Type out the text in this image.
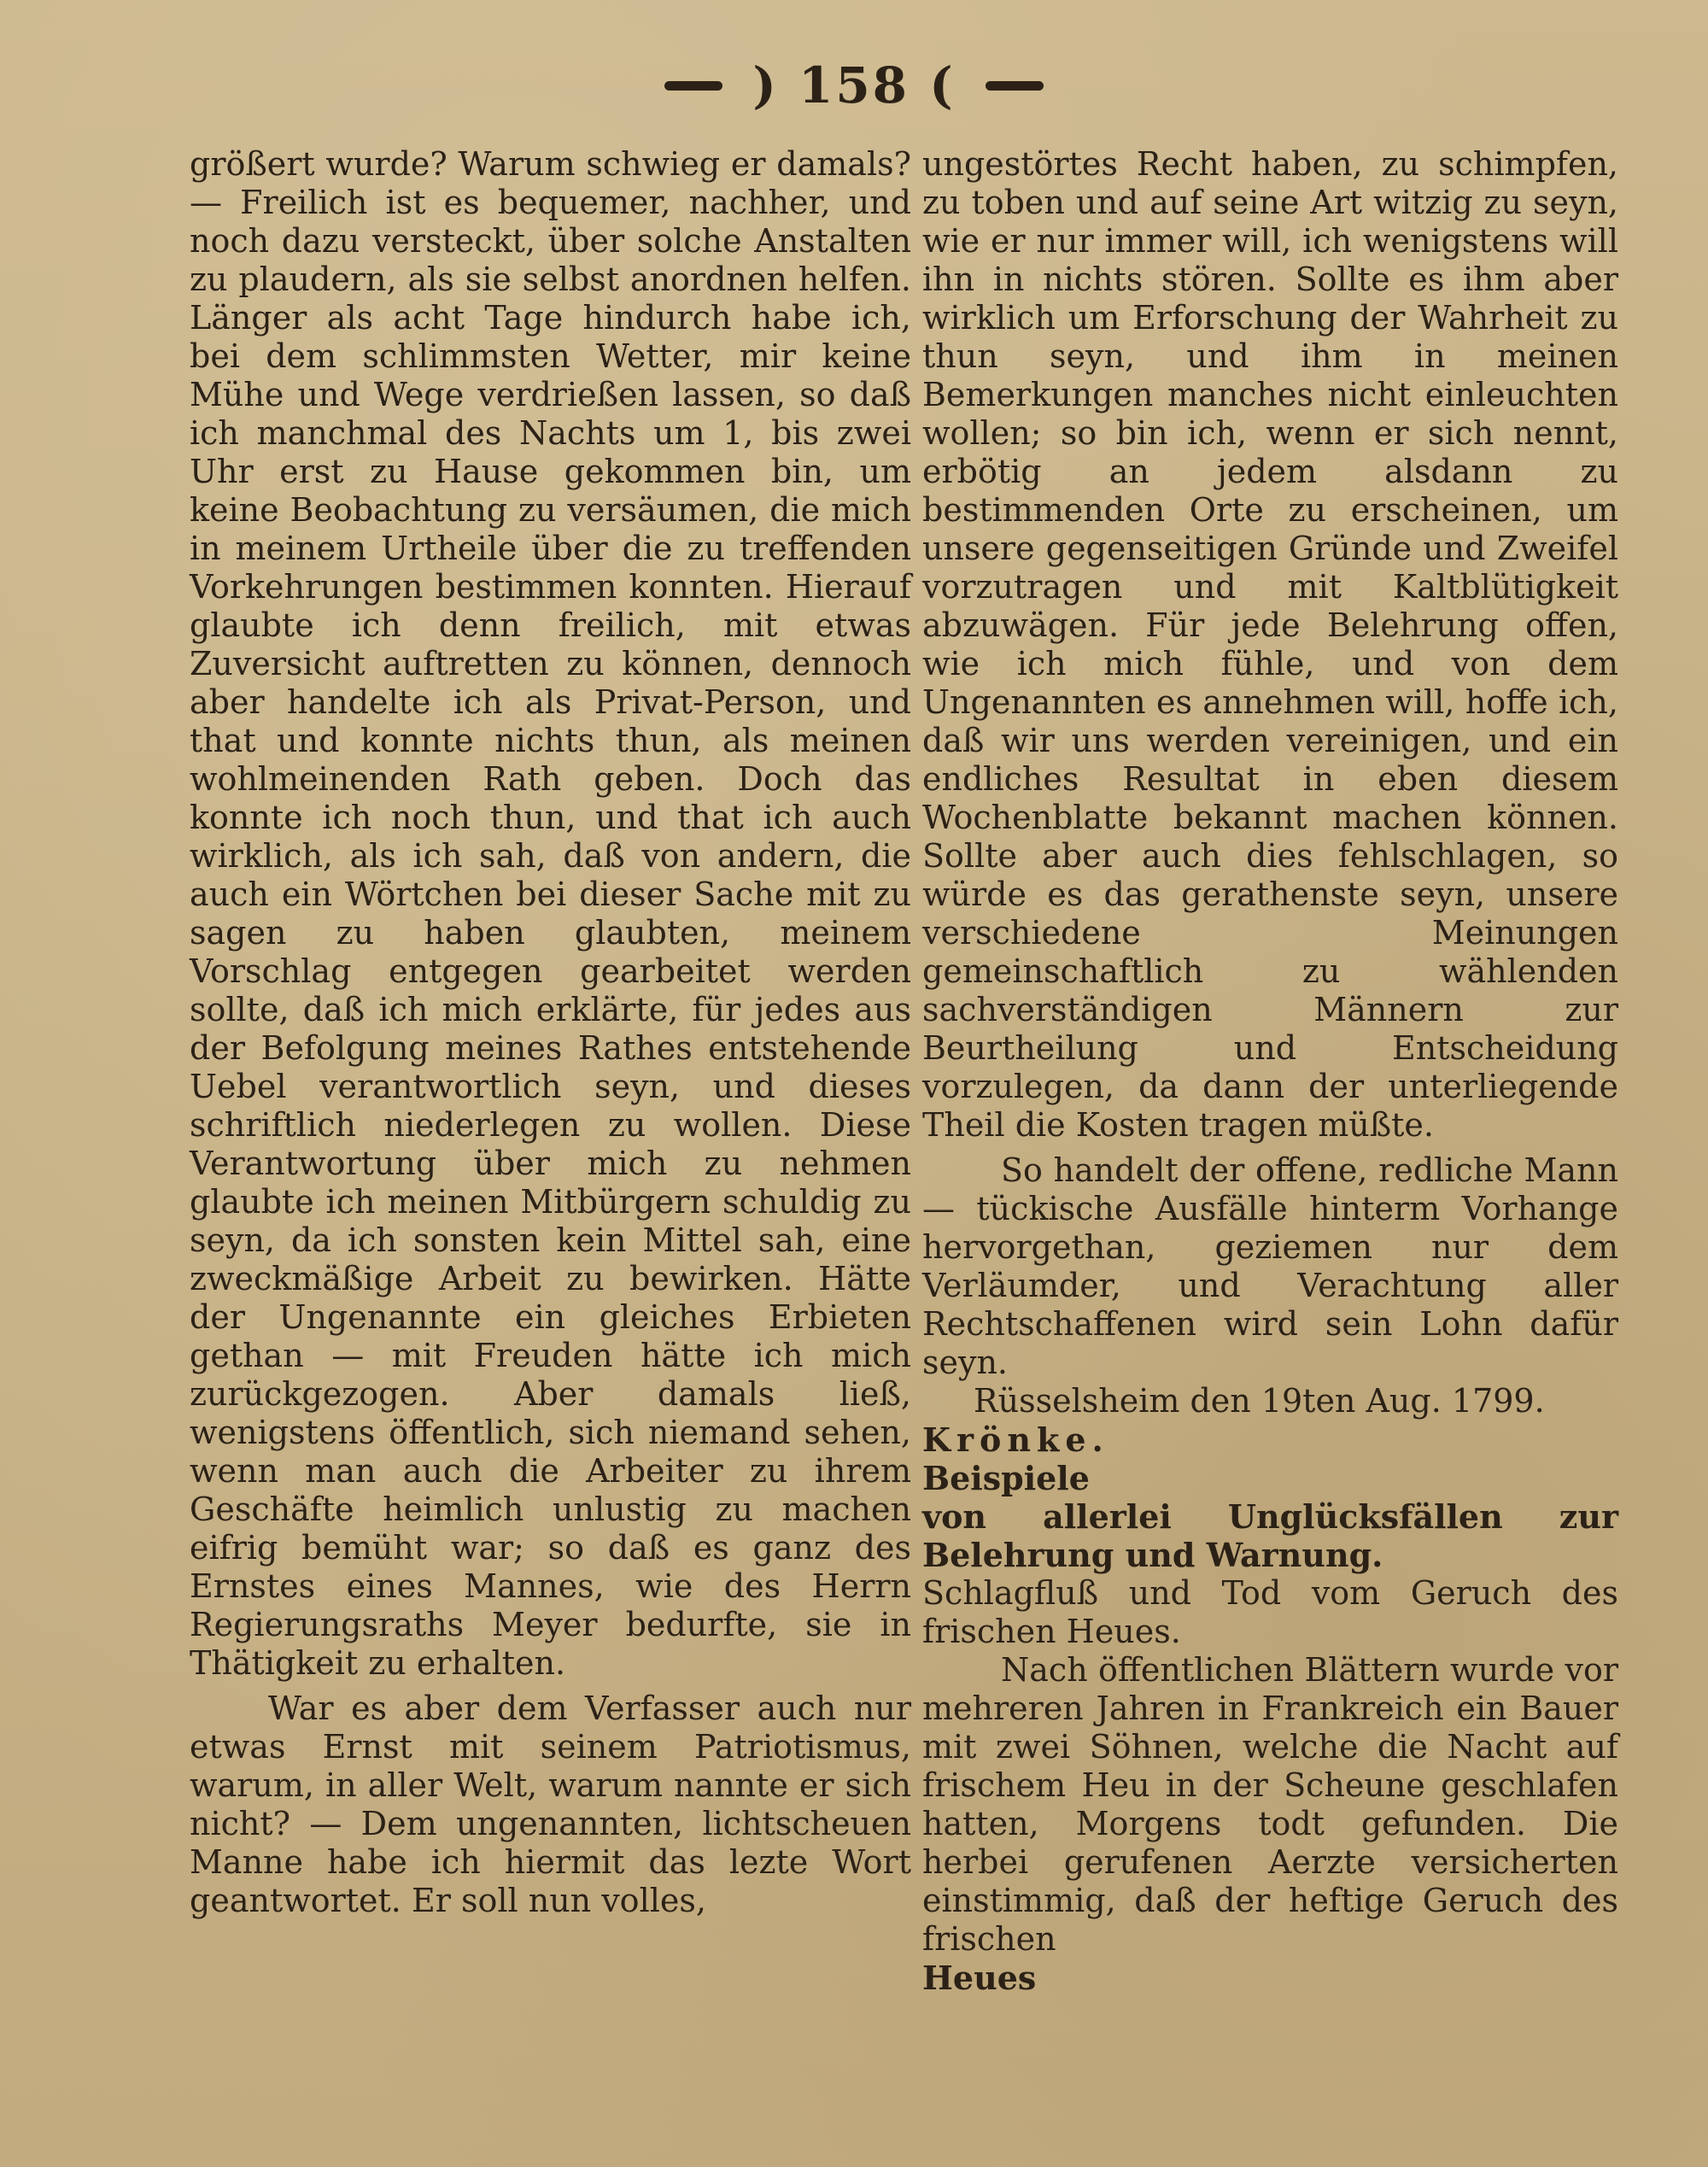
) 158 (

größert wurde? Warum schwieg er damals? — Freilich ist es bequemer, nachher, und noch dazu versteckt, über solche Anstalten zu plaudern, als sie selbst anordnen helfen. Länger als acht Tage hindurch habe ich, bei dem schlimmsten Wetter, mir keine Mühe und Wege verdrießen lassen, so daß ich manchmal des Nachts um 1, bis zwei Uhr erst zu Hause gekommen bin, um keine Beobachtung zu versäumen, die mich in meinem Urtheile über die zu treffenden Vorkehrungen bestimmen konnten. Hierauf glaubte ich denn freilich, mit etwas Zuversicht auftretten zu können, dennoch aber handelte ich als Privat-Person, und that und konnte nichts thun, als meinen wohlmeinenden Rath geben. Doch das konnte ich noch thun, und that ich auch wirklich, als ich sah, daß von andern, die auch ein Wörtchen bei dieser Sache mit zu sagen zu haben glaubten, meinem Vorschlag entgegen gearbeitet werden sollte, daß ich mich erklärte, für jedes aus der Befolgung meines Rathes entstehende Uebel verantwortlich seyn, und dieses schriftlich niederlegen zu wollen. Diese Verantwortung über mich zu nehmen glaubte ich meinen Mitbürgern schuldig zu seyn, da ich sonsten kein Mittel sah, eine zweckmäßige Arbeit zu bewirken. Hätte der Ungenannte ein gleiches Erbieten gethan — mit Freuden hätte ich mich zurückgezogen. Aber damals ließ, wenigstens öffentlich, sich niemand sehen, wenn man auch die Arbeiter zu ihrem Geschäfte heimlich unlustig zu machen eifrig bemüht war; so daß es ganz des Ernstes eines Mannes, wie des Herrn Regierungsraths Meyer bedurfte, sie in Thätigkeit zu erhalten.

War es aber dem Verfasser auch nur etwas Ernst mit seinem Patriotismus, warum, in aller Welt, warum nannte er sich nicht? — Dem ungenannten, lichtscheuen Manne habe ich hiermit das lezte Wort geantwortet. Er soll nun volles,

ungestörtes Recht haben, zu schimpfen, zu toben und auf seine Art witzig zu seyn, wie er nur immer will, ich wenigstens will ihn in nichts stören. Sollte es ihm aber wirklich um Erforschung der Wahrheit zu thun seyn, und ihm in meinen Bemerkungen manches nicht einleuchten wollen; so bin ich, wenn er sich nennt, erbötig an jedem alsdann zu bestimmenden Orte zu erscheinen, um unsere gegenseitigen Gründe und Zweifel vorzutragen und mit Kaltblütigkeit abzuwägen. Für jede Belehrung offen, wie ich mich fühle, und von dem Ungenannten es annehmen will, hoffe ich, daß wir uns werden vereinigen, und ein endliches Resultat in eben diesem Wochenblatte bekannt machen können. Sollte aber auch dies fehlschlagen, so würde es das gerathenste seyn, unsere verschiedene Meinungen gemeinschaftlich zu wählenden sachverständigen Männern zur Beurtheilung und Entscheidung vorzulegen, da dann der unterliegende Theil die Kosten tragen müßte.

So handelt der offene, redliche Mann — tückische Ausfälle hinterm Vorhange hervorgethan, geziemen nur dem Verläumder, und Verachtung aller Rechtschaffenen wird sein Lohn dafür seyn.

Rüsselsheim den 19ten Aug. 1799.

Krönke.

Beispiele

von allerlei Unglücksfällen zur Belehrung und Warnung.

Schlagfluß und Tod vom Geruch des frischen Heues.

Nach öffentlichen Blättern wurde vor mehreren Jahren in Frankreich ein Bauer mit zwei Söhnen, welche die Nacht auf frischem Heu in der Scheune geschlafen hatten, Morgens todt gefunden. Die herbei gerufenen Aerzte versicherten einstimmig, daß der heftige Geruch des frischen

Heues
